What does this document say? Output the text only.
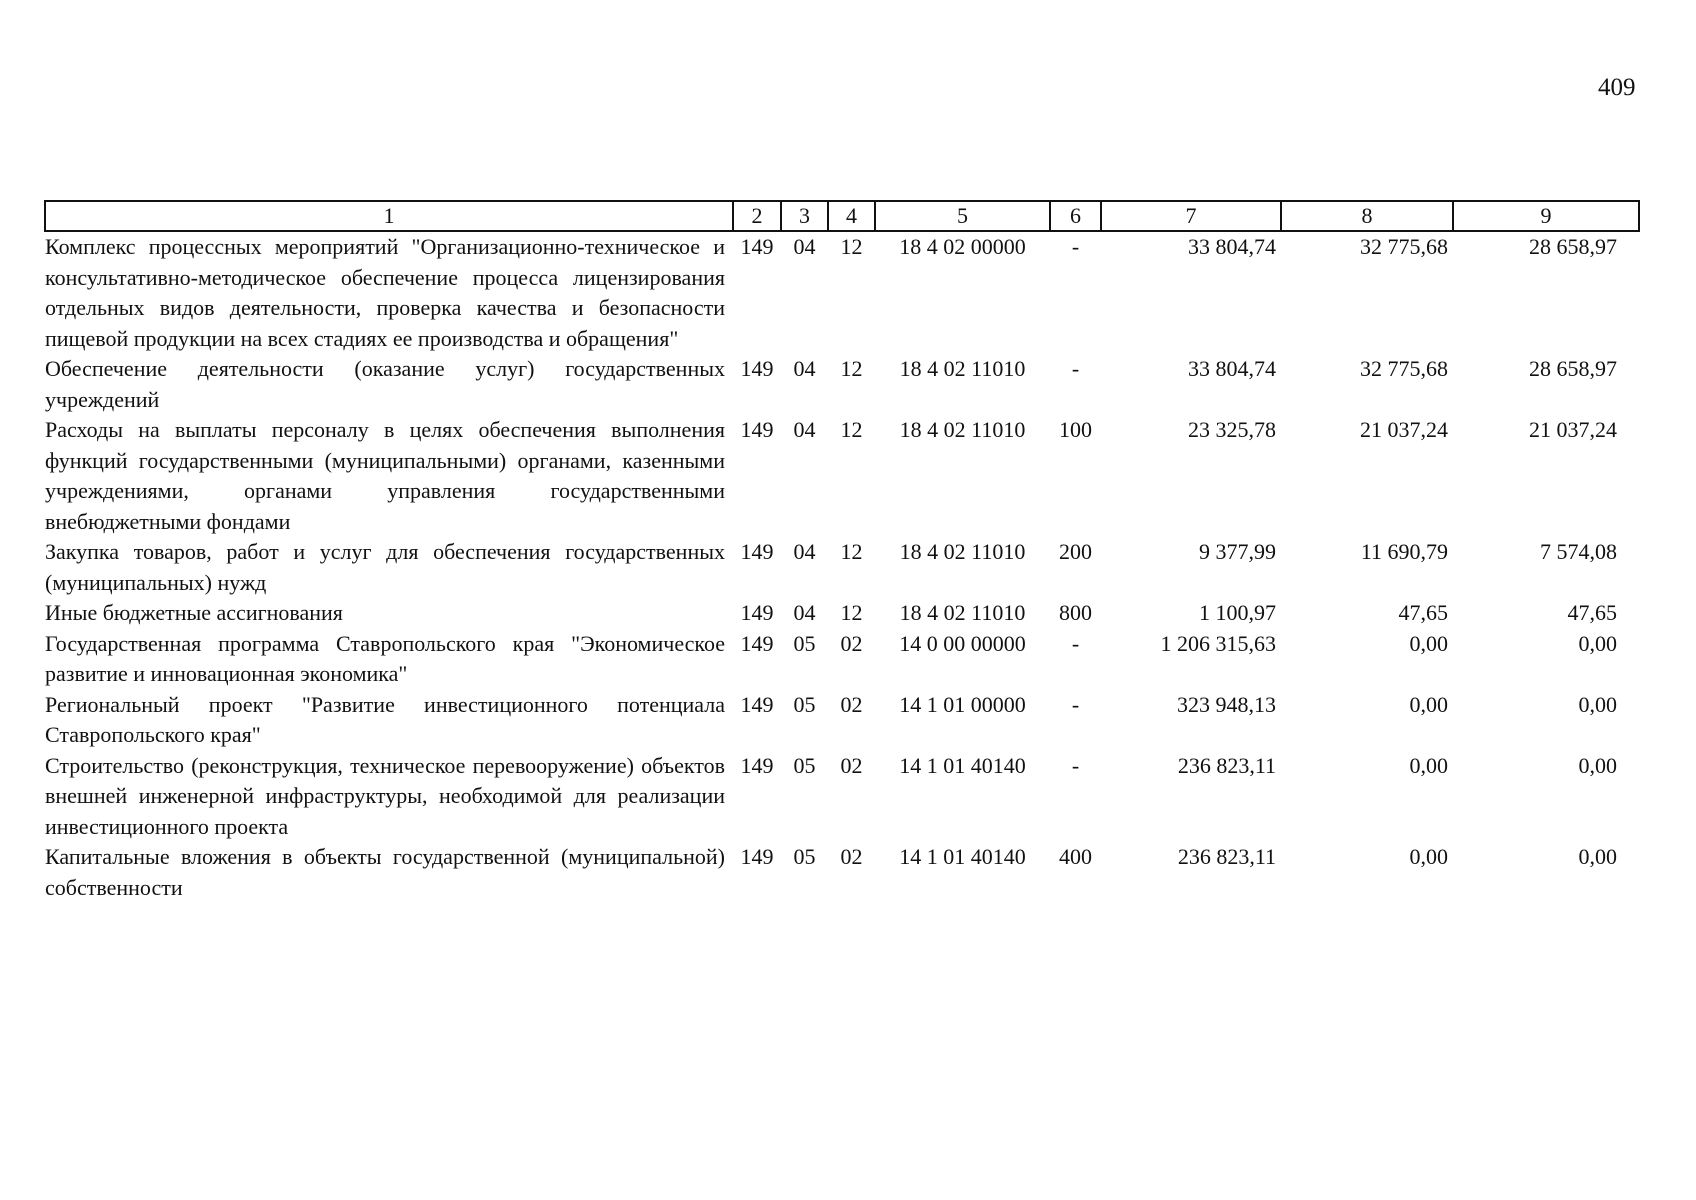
409
1	2	3	4	5	6	7	8	9
Комплекс процессных мероприятий "Организационно-техническое и консультативно-методическое обеспечение процесса лицензирования отдельных видов деятельности, проверка качества и безопасности пищевой продукции на всех стадиях ее производства и обращения"	149	04	12	18 4 02 00000	-	33 804,74	32 775,68	28 658,97
Обеспечение деятельности (оказание услуг) государственных учреждений	149	04	12	18 4 02 11010	-	33 804,74	32 775,68	28 658,97
Расходы на выплаты персоналу в целях обеспечения выполнения функций государственными (муниципальными) органами, казенными учреждениями, органами управления государственными внебюджетными фондами	149	04	12	18 4 02 11010	100	23 325,78	21 037,24	21 037,24
Закупка товаров, работ и услуг для обеспечения государственных (муниципальных) нужд	149	04	12	18 4 02 11010	200	9 377,99	11 690,79	7 574,08
Иные бюджетные ассигнования	149	04	12	18 4 02 11010	800	1 100,97	47,65	47,65
Государственная программа Ставропольского края "Экономическое развитие и инновационная экономика"	149	05	02	14 0 00 00000	-	1 206 315,63	0,00	0,00
Региональный проект "Развитие инвестиционного потенциала Ставропольского края"	149	05	02	14 1 01 00000	-	323 948,13	0,00	0,00
Строительство (реконструкция, техническое перевооружение) объектов внешней инженерной инфраструктуры, необходимой для реализации инвестиционного проекта	149	05	02	14 1 01 40140	-	236 823,11	0,00	0,00
Капитальные вложения в объекты государственной (муниципальной) собственности	149	05	02	14 1 01 40140	400	236 823,11	0,00	0,00
